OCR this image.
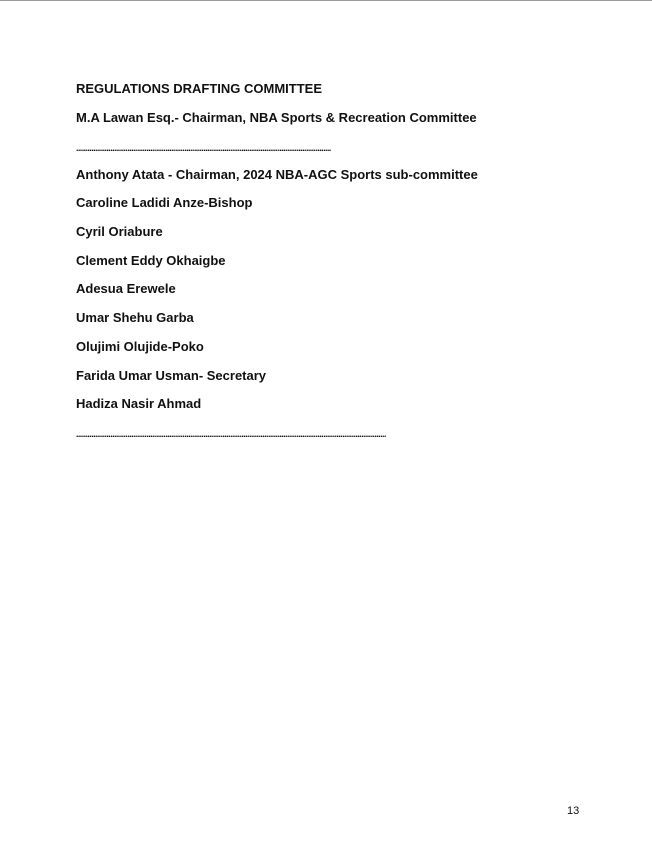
REGULATIONS DRAFTING COMMITTEE

M.A Lawan Esq.- Chairman, NBA Sports & Recreation Committee

......................................................................................................................................

Anthony Atata - Chairman, 2024 NBA-AGC Sports sub-committee

Caroline Ladidi Anze-Bishop

Cyril Oriabure

Clement Eddy Okhaigbe

Adesua Erewele

Umar Shehu Garba

Olujimi Olujide-Poko

Farida Umar Usman- Secretary

Hadiza Nasir Ahmad

...................................................................................................................................................................

13
